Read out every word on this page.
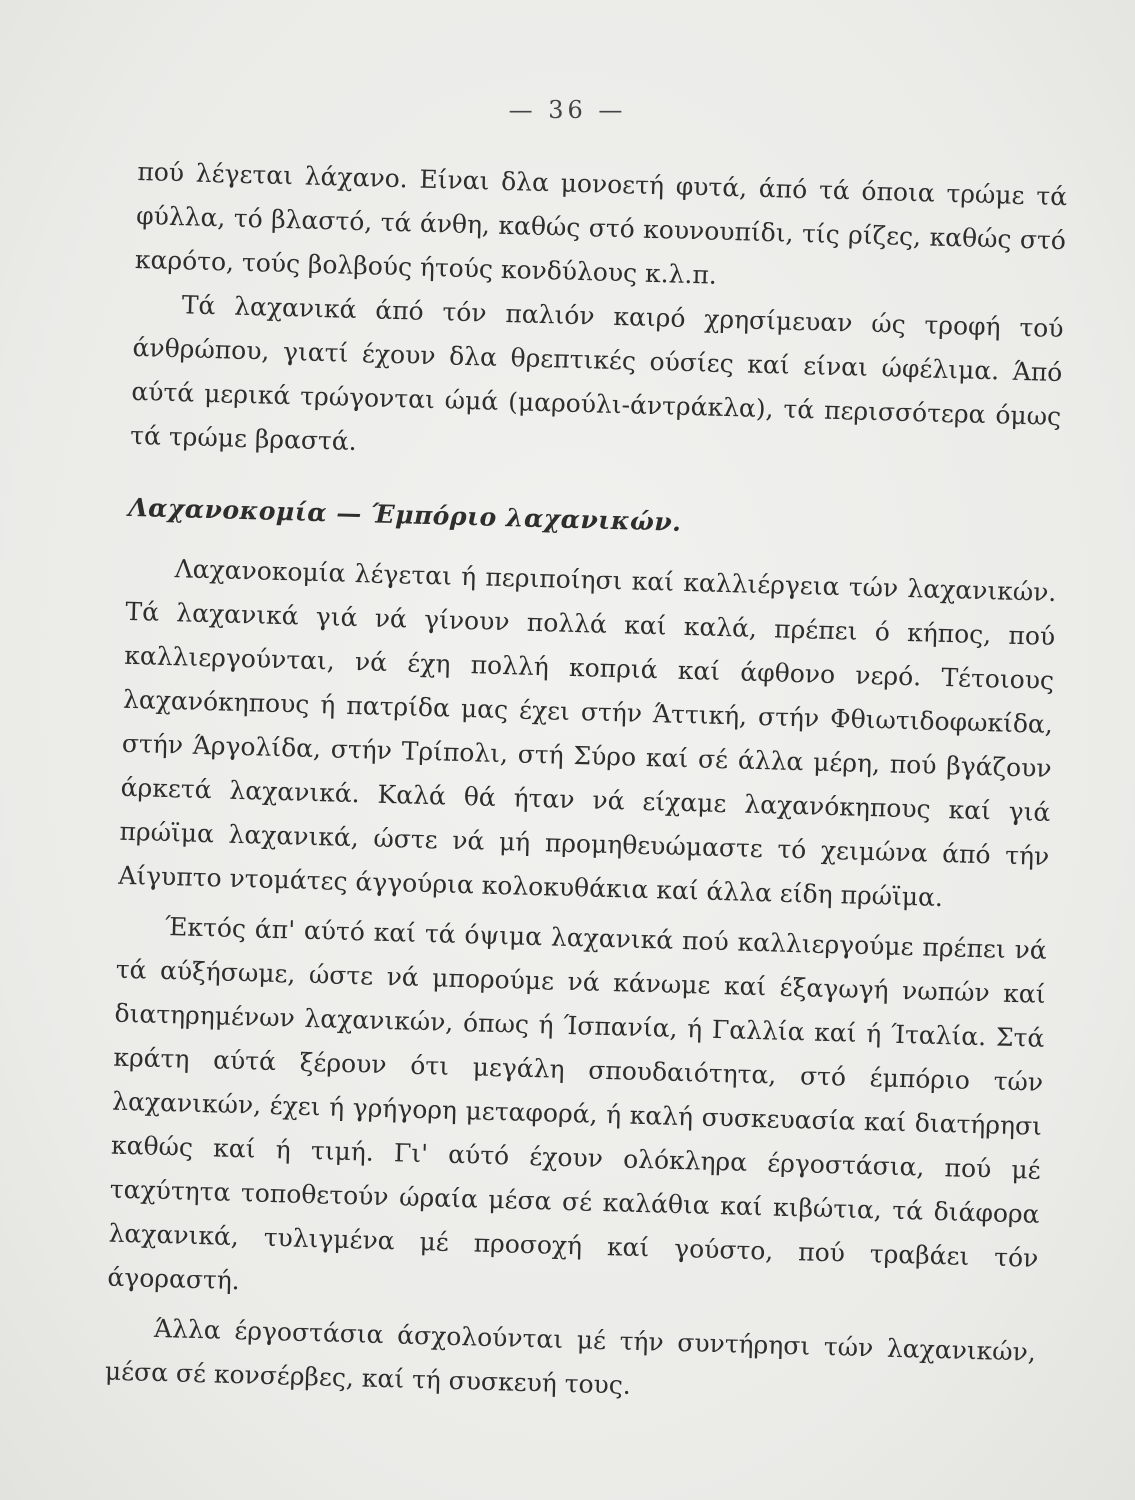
— 36 —

πού λέγεται λάχανο. Είναι δλα μονοετή φυτά, άπό τά όποια τρώμε τά φύλλα, τό βλαστό, τά άνθη, καθώς στό κουνουπίδι, τίς ρίζες, καθώς στό καρότο, τούς βολβούς ήτούς κονδύλους κ.λ.π.

Τά λαχανικά άπό τόν παλιόν καιρό χρησίμευαν ώς τροφή τού άνθρώπου, γιατί έχουν δλα θρεπτικές ούσίες καί είναι ώφέλιμα. Άπό αύτά μερικά τρώγονται ώμά (μαρούλι-άντράκλα), τά περισσότερα όμως τά τρώμε βραστά.

Λαχανοκομία — Έμπόριο λαχανικών.

Λαχανοκομία λέγεται ή περιποίησι καί καλλιέργεια τών λαχανικών. Τά λαχανικά γιά νά γίνουν πολλά καί καλά, πρέπει ό κήπος, πού καλλιεργούνται, νά έχη πολλή κοπριά καί άφθονο νερό. Τέτοιους λαχανόκηπους ή πατρίδα μας έχει στήν Άττική, στήν Φθιωτιδοφωκίδα, στήν Άργολίδα, στήν Τρίπολι, στή Σύρο καί σέ άλλα μέρη, πού βγάζουν άρκετά λαχανικά. Καλά θά ήταν νά είχαμε λαχανόκηπους καί γιά πρώϊμα λαχανικά, ώστε νά μή προμηθευώμαστε τό χειμώνα άπό τήν Αίγυπτο ντομάτες άγγούρια κολοκυθάκια καί άλλα είδη πρώϊμα.

Έκτός άπ' αύτό καί τά όψιμα λαχανικά πού καλλιεργούμε πρέπει νά τά αύξήσωμε, ώστε νά μπορούμε νά κάνωμε καί έξαγωγή νωπών καί διατηρημένων λαχανικών, όπως ή Ίσπανία, ή Γαλλία καί ή Ίταλία. Στά κράτη αύτά ξέρουν ότι μεγάλη σπουδαιότητα, στό έμπόριο τών λαχανικών, έχει ή γρήγορη μεταφορά, ή καλή συσκευασία καί διατήρησι καθώς καί ή τιμή. Γι' αύτό έχουν ολόκληρα έργοστάσια, πού μέ ταχύτητα τοποθετούν ώραία μέσα σέ καλάθια καί κιβώτια, τά διάφορα λαχανικά, τυλιγμένα μέ προσοχή καί γούστο, πού τραβάει τόν άγοραστή.

Άλλα έργοστάσια άσχολούνται μέ τήν συντήρησι τών λαχανικών, μέσα σέ κονσέρβες, καί τή συσκευή τους.
